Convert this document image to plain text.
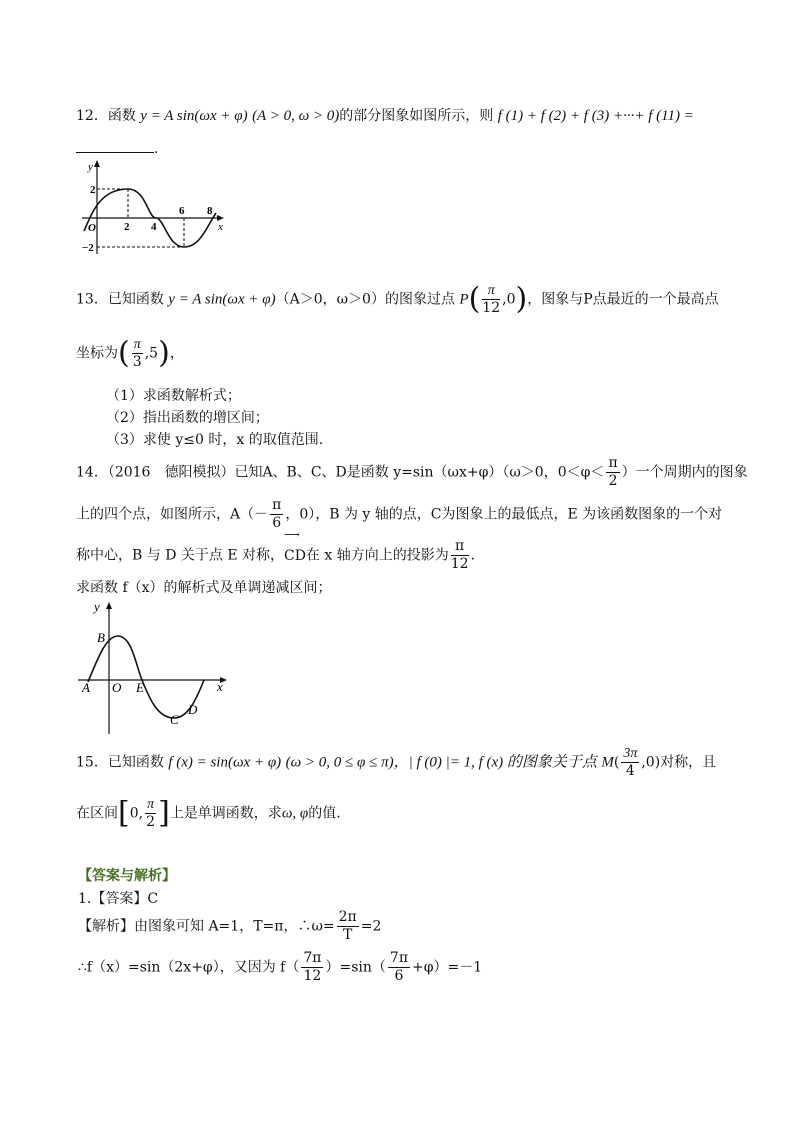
12．函数 y = A sin(ωx + φ) (A > 0, ω > 0)的部分图象如图所示，则 f (1) + f (2) + f (3) +···+ f (11) =
.
y
x
2
−2
O	2 4
6 8
13．已知函数 y = A sin(ωx + φ)（A＞0，ω＞0）的图象过点 $P( \frac{\pi}{12} ,0)$，图象与P点最近的一个最高点
坐标为( $\frac{\pi}{3} ,5$)，
（1）求函数解析式；
（2）指出函数的增区间；
（3）求使 y≤0 时，x 的取值范围.
14．（2016　德阳模拟）已知A、B、C、D是函数 y=sin（ωx+φ）（ω＞0，$0<\varphi< \frac{\pi}{2}$ ）一个周期内的图象
上的四个点，如图所示，$A(- \frac{\pi}{6}$ ，0），B 为 y 轴的点，C为图象上的最低点，E 为该函数图象的一个对
称中心，B 与 D 关于点 E 对称，
⟶
CD在 x 轴方向上的投影为 $\frac{\pi}{12}$ .
求函数 f（x）的解析式及单调递减区间；
y
x
A O E
B
C
D
15．已知函数 f (x) = sin(ωx + φ) (ω > 0, 0 ≤ φ ≤ π)，| f (0) |= 1, f (x) 的图象关于点 $M( \frac{3\pi}{4} ,0)$对称，且
在区间[0, $\frac{\pi}{2}$ ]上是单调函数，求ω, φ的值.
【答案与解析】
1.【答案】C
【解析】由图象可知 A=1，T=π，∴ω= $\frac{2\pi}{T} =2$
∴f（x）=sin（2x+φ），又因为 $f( \frac{7\pi}{12} )=\sin( \frac{7\pi}{6} +\varphi)=-1$
